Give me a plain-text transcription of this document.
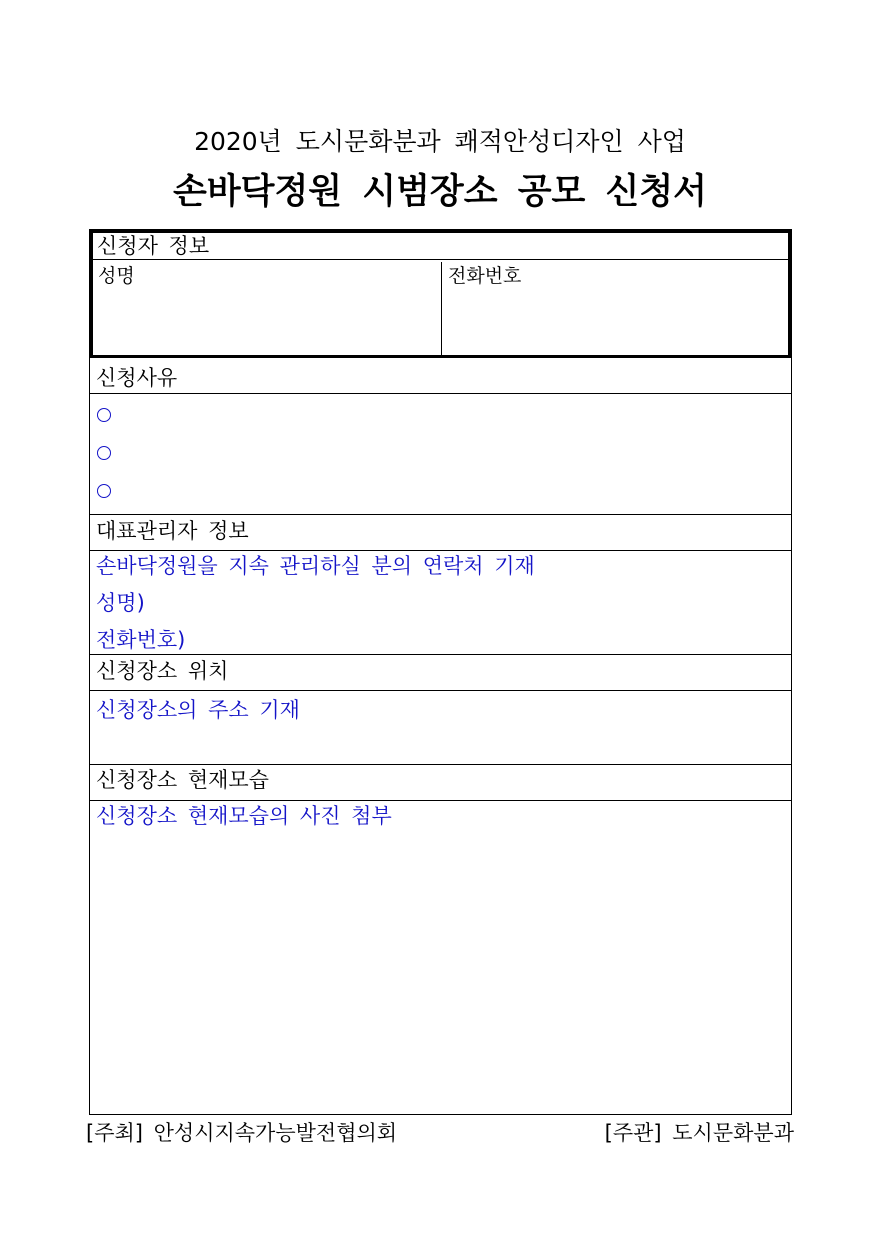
2020년 도시문화분과 쾌적안성디자인 사업
손바닥정원 시범장소 공모 신청서
신청자 정보
성명	전화번호
신청사유
대표관리자 정보
손바닥정원을 지속 관리하실 분의 연락처 기재
성명)
전화번호)
신청장소 위치
신청장소의 주소 기재
신청장소 현재모습
신청장소 현재모습의 사진 첨부
[주최] 안성시지속가능발전협의회	[주관] 도시문화분과
